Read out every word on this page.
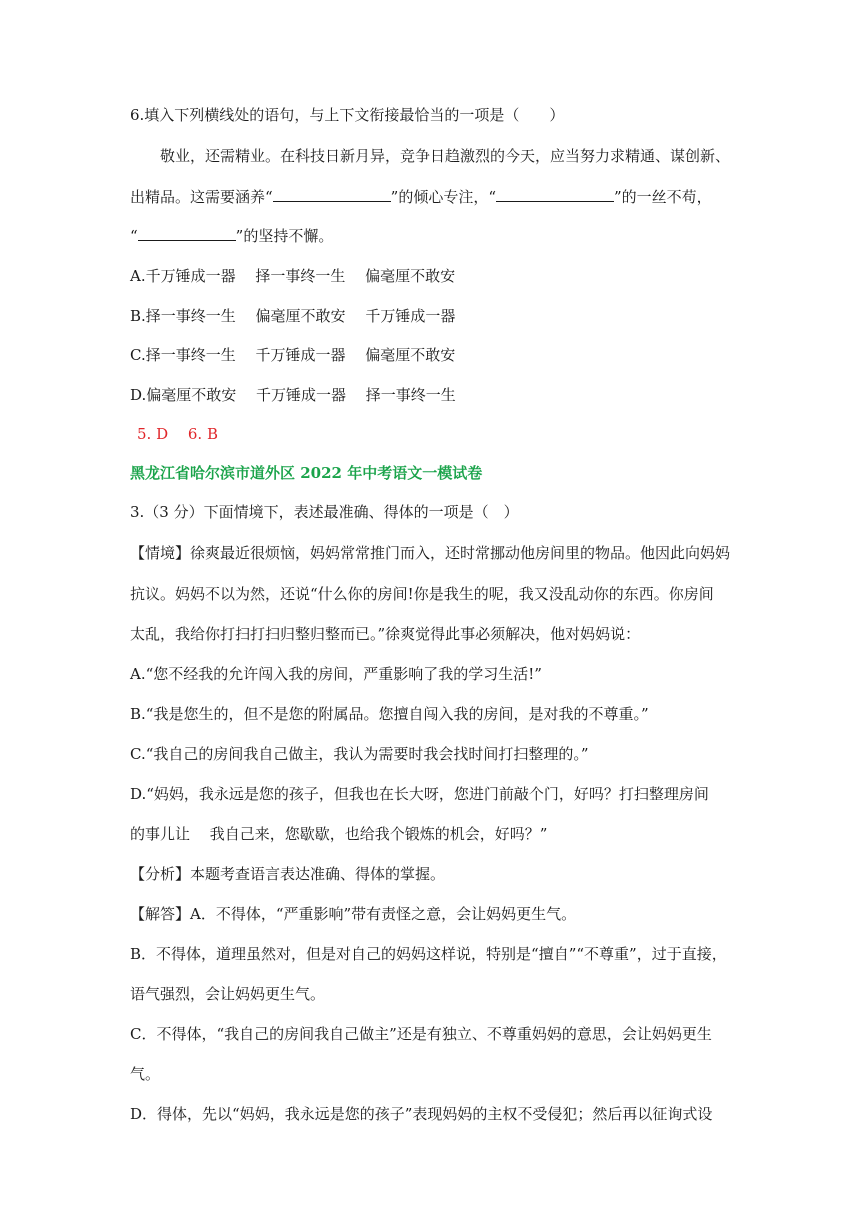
6.填入下列横线处的语句，与上下文衔接最恰当的一项是（　　）
敬业，还需精业。在科技日新月异，竞争日趋激烈的今天，应当努力求精通、谋创新、
出精品。这需要涵养“	”的倾心专注，“	”的一丝不苟，
“	”的坚持不懈。
A.千万锤成一器　 择一事终一生　 偏毫厘不敢安
B.择一事终一生　 偏毫厘不敢安　 千万锤成一器
C.择一事终一生　 千万锤成一器　 偏毫厘不敢安
D.偏毫厘不敢安　 千万锤成一器　 择一事终一生
5. D　 6. B
黑龙江省哈尔滨市道外区 2022 年中考语文一模试卷
3.（3 分）下面情境下，表述最准确、得体的一项是（　）
【情境】徐爽最近很烦恼，妈妈常常推门而入，还时常挪动他房间里的物品。他因此向妈妈
抗议。妈妈不以为然，还说“什么你的房间!你是我生的呢，我又没乱动你的东西。你房间
太乱，我给你打扫打扫归整归整而已。”徐爽觉得此事必须解决，他对妈妈说：
A.“您不经我的允许闯入我的房间，严重影响了我的学习生活!”
B.“我是您生的，但不是您的附属品。您擅自闯入我的房间，是对我的不尊重。”
C.“我自己的房间我自己做主，我认为需要时我会找时间打扫整理的。”
D.“妈妈，我永远是您的孩子，但我也在长大呀，您进门前敲个门，好吗？打扫整理房间
的事儿让　 我自己来，您歇歇，也给我个锻炼的机会，好吗？”
【分析】本题考查语言表达准确、得体的掌握。
【解答】A．不得体，“严重影响”带有责怪之意，会让妈妈更生气。
B．不得体，道理虽然对，但是对自己的妈妈这样说，特别是“擅自”“不尊重”，过于直接，
语气强烈，会让妈妈更生气。
C．不得体，“我自己的房间我自己做主”还是有独立、不尊重妈妈的意思，会让妈妈更生
气。
D．得体，先以“妈妈，我永远是您的孩子”表现妈妈的主权不受侵犯；然后再以征询式设
